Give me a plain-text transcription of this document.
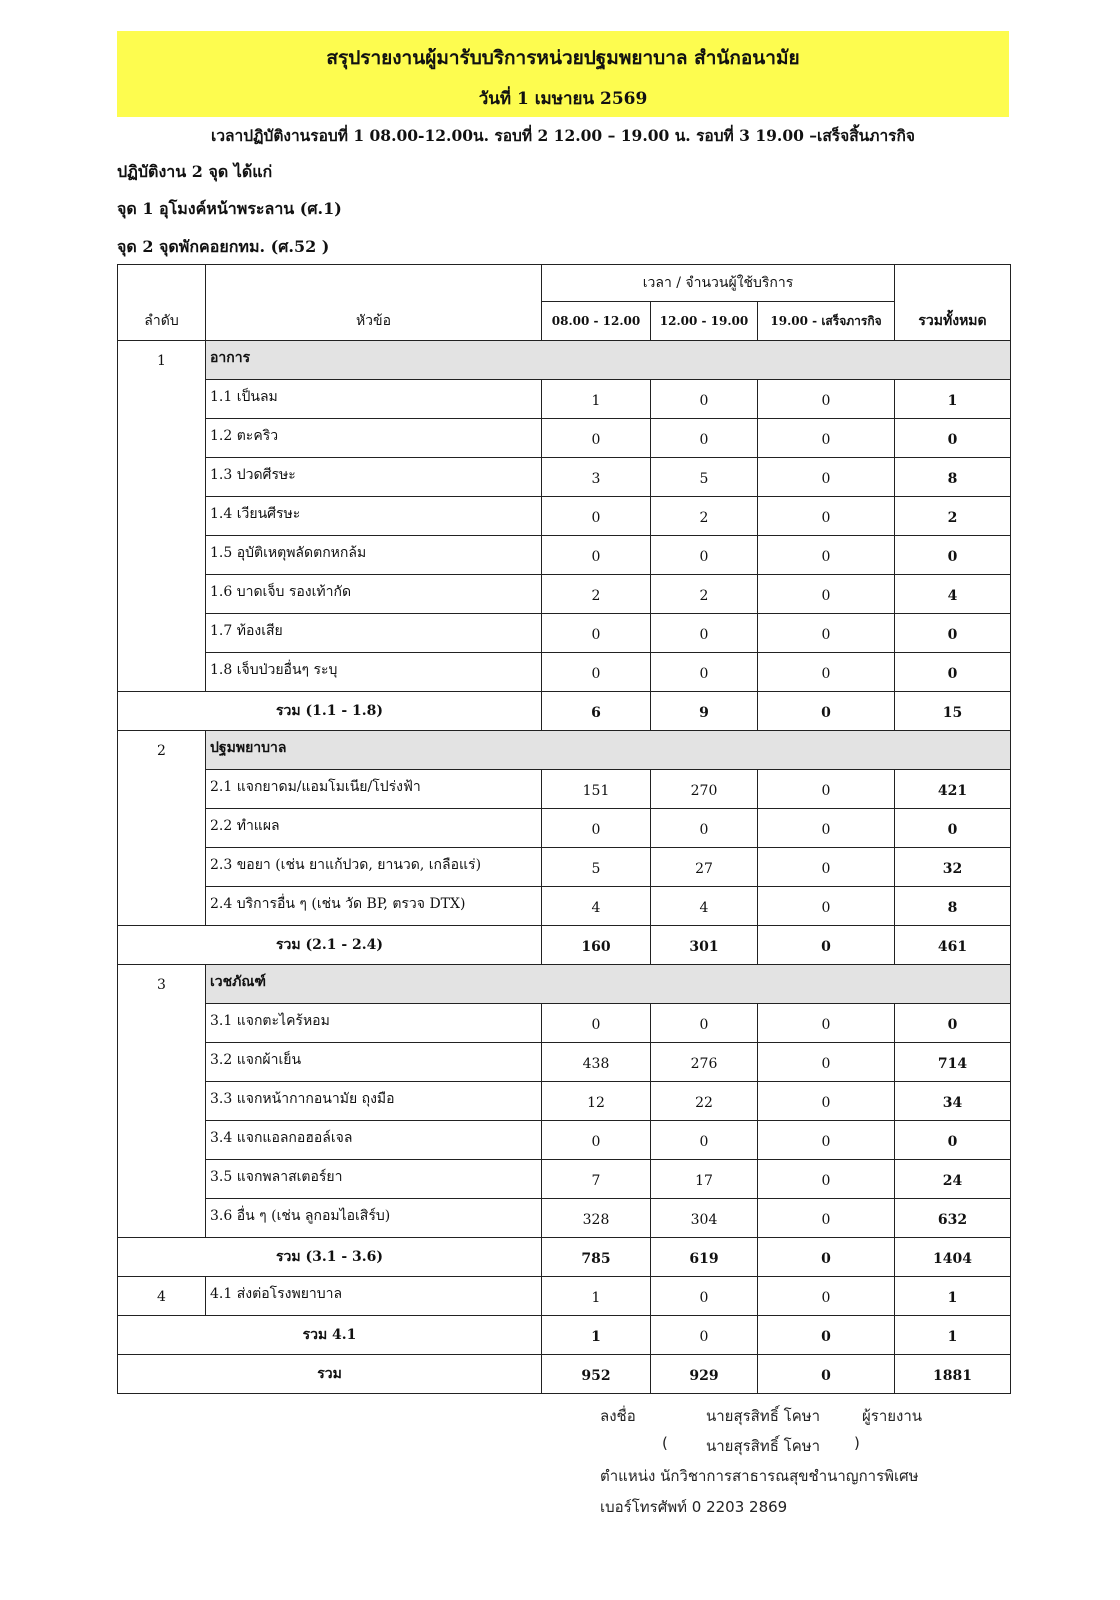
สรุปรายงานผู้มารับบริการหน่วยปฐมพยาบาล สำนักอนามัย
วันที่ 1 เมษายน 2569
เวลาปฏิบัติงานรอบที่ 1 08.00-12.00น. รอบที่ 2 12.00 – 19.00 น. รอบที่ 3 19.00 –เสร็จสิ้นภารกิจ
ปฏิบัติงาน 2 จุด ได้แก่
จุด 1 อุโมงค์หน้าพระลาน (ศ.1)
จุด 2 จุดพักคอยกทม. (ศ.52 )
ลำดับ	หัวข้อ	เวลา / จำนวนผู้ใช้บริการ			รวมทั้งหมด
		08.00 - 12.00	12.00 - 19.00	19.00 - เสร็จภารกิจ	
1	อาการ				
	1.1 เป็นลม	1	0	0	1
	1.2 ตะคริว	0	0	0	0
	1.3 ปวดศีรษะ	3	5	0	8
	1.4 เวียนศีรษะ	0	2	0	2
	1.5 อุบัติเหตุพลัดตกหกล้ม	0	0	0	0
	1.6 บาดเจ็บ รองเท้ากัด	2	2	0	4
	1.7 ท้องเสีย	0	0	0	0
	1.8 เจ็บป่วยอื่นๆ ระบุ	0	0	0	0
รวม (1.1 - 1.8)		6	9	0	15
2	ปฐมพยาบาล				
	2.1 แจกยาดม/แอมโมเนีย/โปร่งฟ้า	151	270	0	421
	2.2 ทำแผล	0	0	0	0
	2.3 ขอยา (เช่น ยาแก้ปวด, ยานวด, เกลือแร่)	5	27	0	32
	2.4 บริการอื่น ๆ (เช่น วัด BP, ตรวจ DTX)	4	4	0	8
รวม (2.1 - 2.4)		160	301	0	461
3	เวชภัณฑ์				
	3.1 แจกตะไคร้หอม	0	0	0	0
	3.2 แจกผ้าเย็น	438	276	0	714
	3.3 แจกหน้ากากอนามัย ถุงมือ	12	22	0	34
	3.4 แจกแอลกอฮอล์เจล	0	0	0	0
	3.5 แจกพลาสเตอร์ยา	7	17	0	24
	3.6 อื่น ๆ (เช่น ลูกอมไอเสิร์บ)	328	304	0	632
รวม (3.1 - 3.6)		785	619	0	1404
4	4.1 ส่งต่อโรงพยาบาล	1	0	0	1
รวม 4.1		1	0	0	1
รวม		952	929	0	1881
ลงชื่อ	นายสุรสิทธิ์ โคษา	ผู้รายงาน
(	นายสุรสิทธิ์ โคษา )
ตำแหน่ง นักวิชาการสาธารณสุขชำนาญการพิเศษ
เบอร์โทรศัพท์ 0 2203 2869
